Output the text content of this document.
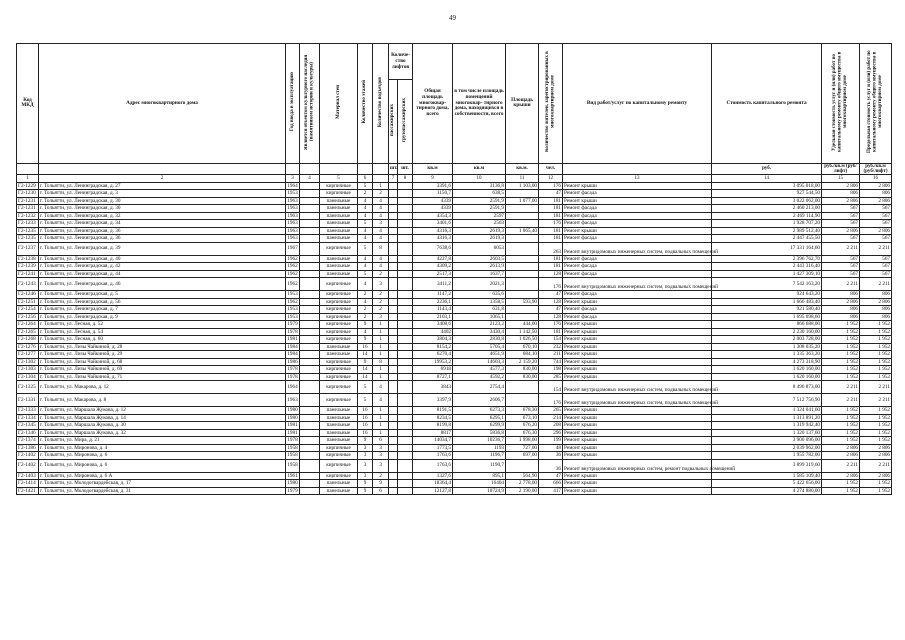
49
Код МКД	Адрес многоквартирного дома	Год ввода в эксплуатацию	Является объектом культурного наследия (памятником истории и культуры)	Материал стен	Количество этажей	Количество подъездов	Количе- ство лифтов		Общая площадь многоквар- тирного дома, всего	в том числе площадь помещений многоквар- тирного дома, находящихся в собственности, всего	Площадь крыши	Количество жителей, зарегистрированных в многоквартирном доме	Вид работ/услуг по капитальному ремонту	Стоимость капитального ремонта	Удельная стоимость услуг и (или) работ по капитальному ремонту общего имущества в многоквартирном доме	Предельная стоимость услуг и (или) работ по капитальному ремонту общего имущества в многоквартирном доме
							пассажирских	грузопассажирских								
							шт.	шт.	кв.м	кв.м	кв.м.	чел.		руб.	руб./кв.м (руб/лифт)	руб./кв.м (руб/лифт)
1	2	3	4	5	6		7	8	9	10	11	12	13	14	15	16
Г2-1229	г. Тольятти, ул. Ленинградская, д. 27	1964		кирпичные	5	1			3391,6	3136,8	1 103,00	176	Ремонт крыши	3 095 018,00	2 806	2 806
Г2-1230	г. Тольятти, ул. Ленинградская, д. 3	1953		кирпичные	2	2			1150,7	638,5		47	Ремонт фасада	927 544,50	806	806
Г2-1231	г. Тольятти, ул. Ленинградская, д. 30	1963		панельные	4	4			4339	2591,9	1 077,00	181	Ремонт крыши	3 022 062,00	2 806	2 806
Г2-1231	г. Тольятти, ул. Ленинградская, д. 30	1963		панельные	4	4			4339	2591,9		181	Ремонт фасада	2 460 213,00	567	567
Г2-1232	г. Тольятти, ул. Ленинградская, д. 32	1963		панельные	4	4			4354,3	2597		181	Ремонт фасада	2 469 114,90	567	567
Г2-1233	г. Тольятти, ул. Ленинградская, д. 34	1963		панельные	5	3			3401,6	2563		176	Ремонт фасада	1 928 707,20	567	567
Г2-1235	г. Тольятти, ул. Ленинградская, д. 36	1963		панельные	4	4			4316,3	2619,3	1 065,40	181	Ремонт крыши	2 989 512,40	2 806	2 806
Г2-1235	г. Тольятти, ул. Ленинградская, д. 36	1963		панельные	4	4			4316,3	2619,3		181	Ремонт фасада	2 447 455,50	567	567
Г2-1237	г. Тольятти, ул. Ленинградская, д. 39	1967		кирпичные	5	8			7638,6	6053		263	Ремонт внутридомовых инженерных систем, подвальных помещений	17 331 164,60	2 211	2 211
Г2-1238	г. Тольятти, ул. Ленинградская, д. 40	1962		панельные	4	4			4227,8	2603,5		181	Ремонт фасада	2 396 762,70	567	567
Г2-1239	г. Тольятти, ул. Ленинградская, д. 42	1962		панельные	4	4			4309,2	2613,9		181	Ремонт фасада	2 443 316,40	567	567
Г2-1241	г. Тольятти, ул. Ленинградская, д. 44	1962		панельные	5	2			2517,3	1637,7		128	Ремонт фасада	1 427 309,10	567	567
Г2-1243	г. Тольятти, ул. Ленинградская, д. 46	1962		кирпичные	4	3			3411,2	2021,3		176	Ремонт внутридомовых инженерных систем, подвальных помещений	7 542 163,20	2 211	2 211
Г2-1246	г. Тольятти, ул. Ленинградская, д. 5	1953		кирпичные	2	2			1147,2	635,6		47	Ремонт фасада	924 643,20	806	806
Г2-1251	г. Тольятти, ул. Ленинградская, д. 56	1962		кирпичные	4	2			2236,1	1358,5	593,90	128	Ремонт крыши	1 666 483,40	2 806	2 806
Г2-1254	г. Тольятти, ул. Ленинградская, д. 7	1953		кирпичные	2	2			1143,4	631,8		47	Ремонт фасада	921 580,40	806	806
Г2-1256	г. Тольятти, ул. Ленинградская, д. 9	1953		кирпичные	2	3			2103,1	1065,1		128	Ремонт фасада	1 695 098,60	806	806
Г2-1264	г. Тольятти, ул. Лесная, д. 52	1979		кирпичные	9	1			3408,6	2123,2	444,00	176	Ремонт крыши	866 688,00	1 952	1 952
Г2-1265	г. Тольятти, ул. Лесная, д. 54	1978		кирпичные	4	1			4402	3430,4	1 142,50	181	Ремонт крыши	2 230 160,00	1 952	1 952
Г2-1268	г. Тольятти, ул. Лесная, д. 60	1981		кирпичные	9	1			3804,3	2830,8	1 026,50	154	Ремонт крыши	2 003 728,00	1 952	1 952
Г2-1276	г. Тольятти, ул. Лизы Чайкиной, д. 28	1984		панельные	16	1			8154,2	5705,4	670,10	232	Ремонт крыши	1 308 035,20	1 952	1 952
Г2-1277	г. Тольятти, ул. Лизы Чайкиной, д. 29	1984		панельные	14	1			6270,4	4651,9	684,10	211	Ремонт крыши	1 335 363,20	1 952	1 952
Г2-1302	г. Тольятти, ул. Лизы Чайкиной, д. 68	1986		кирпичные	9	8			19953,2	14603,3	2 159,20	744	Ремонт крыши	4 273 318,90	1 952	1 952
Г2-1303	г. Тольятти, ул. Лизы Чайкиной, д. 69	1978		кирпичные	14	1			6918	4577,3	830,00	198	Ремонт крыши	1 620 160,00	1 952	1 952
Г2-1304	г. Тольятти, ул. Лизы Чайкиной, д. 71	1978		кирпичные	14	1			8727,1	4592,2	830,00	285	Ремонт крыши	1 620 160,00	1 952	1 952
Г2-1325	г. Тольятти, ул. Макарова, д. 12	1964		кирпичные	5	4			3843	2754,4		154	Ремонт внутридомовых инженерных систем, подвальных помещений	8 496 873,00	2 211	2 211
Г2-1331	г. Тольятти, ул. Макарова, д. 8	1963		кирпичные	5	4			3397,9	2606,7		176	Ремонт внутридомовых инженерных систем, подвальных помещений	7 512 756,90	2 211	2 211
Г2-1333	г. Тольятти, ул. Маршала Жукова, д. 12	1980		панельные	16	1			8191,5	6273,3	678,30	265	Ремонт крыши	1 324 041,60	1 952	1 952
Г2-1334	г. Тольятти, ул. Маршала Жукова, д. 14	1980		панельные	16	1			8234,5	6295,1	673,10	214	Ремонт крыши	1 313 891,20	1 952	1 952
Г2-1345	г. Тольятти, ул. Маршала Жукова, д. 30	1981		панельные	16	1			8199,8	6299,9	676,20	208	Ремонт крыши	1 319 942,40	1 952	1 952
Г2-1346	г. Тольятти, ул. Маршала Жукова, д. 32	1981		панельные	16	1			8817	5836,8	676,30	296	Ремонт крыши	1 320 137,60	1 952	1 952
Г2-1374	г. Тольятти, ул. Мира, д. 21	1978		панельные	9	6			14034,7	10236,7	1 998,00	199	Ремонт крыши	3 900 096,00	1 952	1 952
Г2-1386	г. Тольятти, ул. Миронова, д. 4	1958		кирпичные	3	3			1773,5	1193	727,00	48	Ремонт крыши	2 039 962,00	2 806	2 806
Г2-1402	г. Тольятти, ул. Миронова, д. 6	1958		кирпичные	3	3			1763,6	1196,7	697,00	36	Ремонт крыши	1 955 782,00	2 806	2 806
Г2-1402	г. Тольятти, ул. Миронова, д. 6	1958		кирпичные	3	3			1763,6	1190,7		36	Ремонт внутридомовых инженерных систем, ремонт подвальных помещений	3 899 319,60	2 211	2 211
Г2-1403	г. Тольятти, ул. Миронова, д. 6 А	1961		кирпичные	3	2			1327,6	895,1	564,90	47	Ремонт крыши	1 585 109,40	2 806	2 806
Г2-1414	г. Тольятти, ул. Молодогвардейская, д. 17	1980		панельные	9	9			18364,4	16404	2 778,00	666	Ремонт крыши	5 422 656,00	1 952	1 952
Г2-1421	г. Тольятти, ул. Молодогвардейская, д. 31	1979		панельные	9	6			12127,8	10724,9	2 190,00	417	Ремонт крыши	4 274 880,00	1 952	1 952
